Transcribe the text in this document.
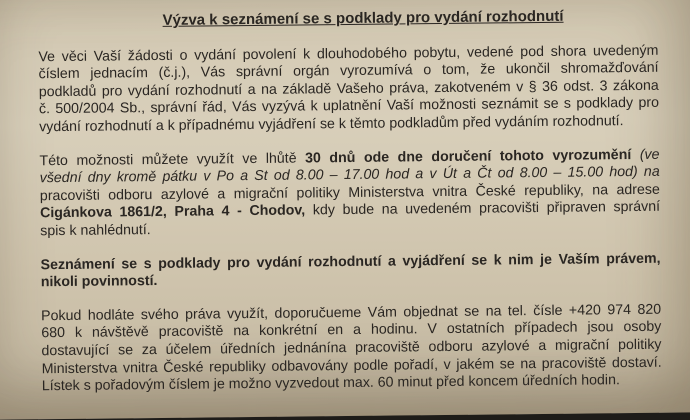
Výzva k seznámení se s podklady pro vydání rozhodnutí
Ve věci Vaší žádosti o vydání povolení k dlouhodobého pobytu, vedené pod shora uvedeným
číslem jednacím (č.j.), Vás správní orgán vyrozumívá o tom, že ukončil shromažďování
podkladů pro vydání rozhodnutí a na základě Vašeho práva, zakotveném v § 36 odst. 3 zákona
č. 500/2004 Sb., správní řád, Vás vyzývá k uplatnění Vaší možnosti seznámit se s podklady pro
vydání rozhodnutí a k případnému vyjádření se k těmto podkladům před vydáním rozhodnutí.
Této možnosti můžete využít ve lhůtě 30 dnů ode dne doručení tohoto vyrozumění (ve
všední dny kromě pátku v Po a St od 8.00 – 17.00 hod a v Út a Čt od 8.00 – 15.00 hod) na
pracovišti odboru azylové a migrační politiky Ministerstva vnitra České republiky, na adrese
Cigánkova 1861/2, Praha 4 - Chodov, kdy bude na uvedeném pracovišti připraven správní
spis k nahlédnutí.
Seznámení se s podklady pro vydání rozhodnutí a vyjádření se k nim je Vaším právem,
nikoli povinností.
Pokud hodláte svého práva využít, doporučueme Vám objednat se na tel. čísle +420 974 820
680 k návštěvě pracoviště na konkrétní en a hodinu. V ostatních případech jsou osoby
dostavující se za účelem úředních jednánína pracoviště odboru azylové a migrační politiky
Ministerstva vnitra České republiky odbavovány podle pořadí, v jakém se na pracoviště dostaví.
Lístek s pořadovým číslem je možno vyzvedout max. 60 minut před koncem úředních hodin.
